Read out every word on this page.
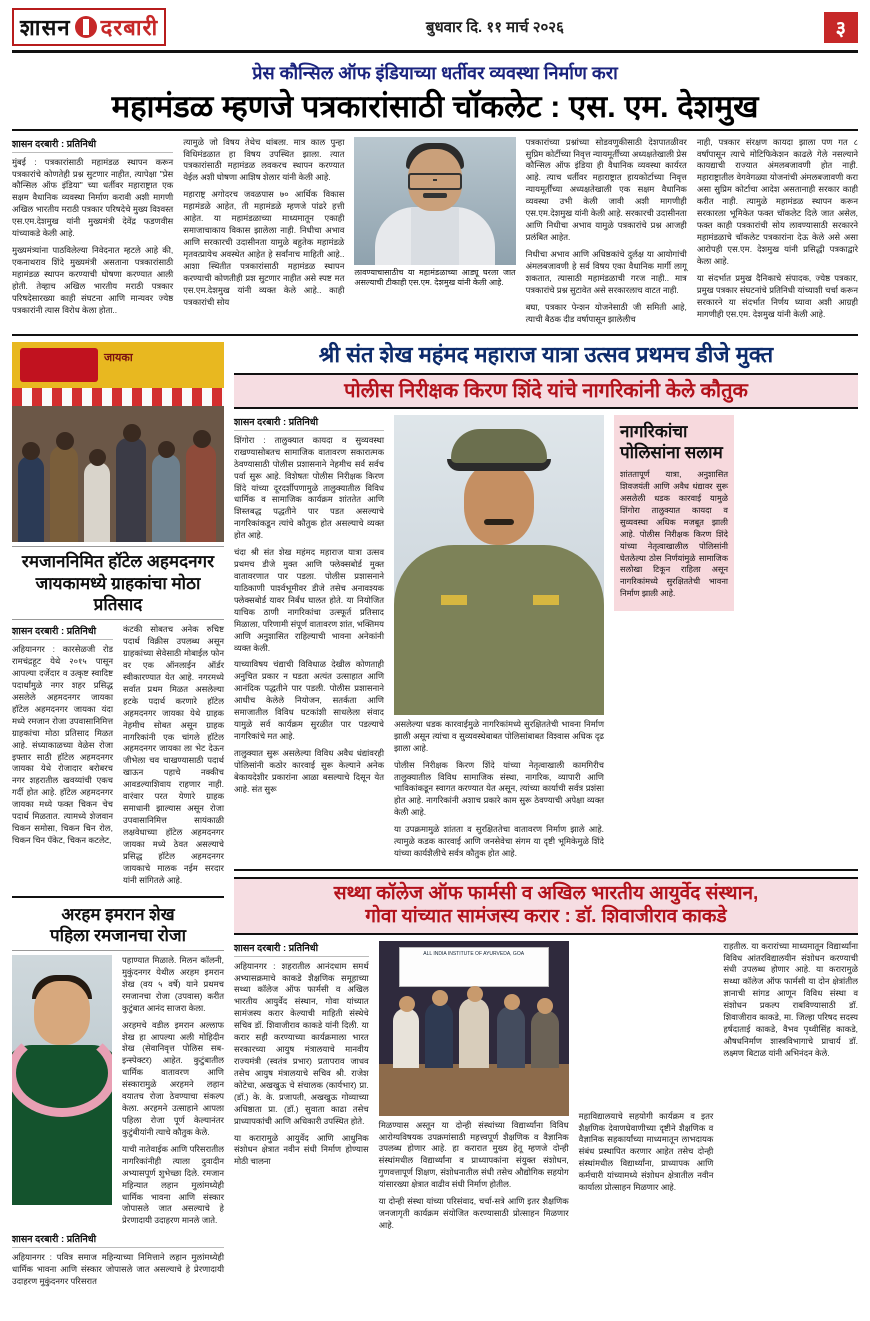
शासन दरबारी	बुधवार दि. ११ मार्च २०२६	३
प्रेस कौन्सिल ऑफ इंडियाच्या धर्तीवर व्यवस्था निर्माण करा
महामंडळ म्हणजे पत्रकारांसाठी चॉकलेट : एस. एम. देशमुख
शासन दरबारी : प्रतिनिधी

मुंबई : पत्रकारांसाठी महामंडळ स्थापन करून पत्रकारांचे कोणतेही प्रश्न सुटणार नाहीत, त्यापेक्षा "प्रेस कौन्सिल ऑफ इंडिया" च्या धर्तीवर महाराष्ट्रात एक सक्षम वैधानिक व्यवस्था निर्माण करावी अशी मागणी अखिल भारतीय मराठी पत्रकार परिषदेचे मुख्य विश्वस्त एस.एम.देशमुख यांनी मुख्यमंत्री देवेंद्र फडणवीस यांच्याकडे केली आहे.

मुख्यमंत्र्यांना पाठविलेल्या निवेदनात म्हटले आहे की, एकनाथराव शिंदे मुख्यमंत्री असताना पत्रकारांसाठी महामंडळ स्थापन करण्याची घोषणा करण्यात आली होती. तेव्हाच अखिल भारतीय मराठी पत्रकार परिषदेसारख्या काही संघटना आणि मान्यवर ज्येष्ठ पत्रकारांनी त्यास विरोध केला होता..

त्यामुळे जो विषय तेथेच थांबला. मात्र काल पुन्हा विधिमंडळात हा विषय उपस्थित झाला. त्यात पत्रकारांसाठी महामंडळ लवकरच स्थापन करण्यात येईल अशी घोषणा आशिष शेलार यांनी केली आहे.

महाराष्ट्र अगोदरच जवळपास ७० आर्थिक विकास महामंडळे आहेत, ती महामंडळे म्हणजे पांढरे हत्ती आहेत. या महामंडळाच्या माध्यमातून एकाही समाजाचाकाय विकास झालेला नाही. निधीचा अभाव आणि सरकारची उदासीनता यामुळे बहुतेक महामंडळे मृतवत्प्रायेच अवस्थेत आहेत हे सर्वांनाच माहिती आहे.. आशा स्थितीत पत्रकारांसाठी महामंडळ स्थापन करण्याची कोणतीही प्रश सुटणार नाहीत असे स्पष्ट मत एस.एम.देशमुख यांनी व्यक्त केले आहे.. काही पत्रकारांची सोय

लावण्याचासाठीच या महामंडळाच्या आड्यू घरला जात असल्याची टीकाही एस.एम. देशमुख यांनी केली आहे.

पत्रकारांच्या प्रश्नांच्या सोडवणुकीसाठी देशपातळीवर सुप्रिम कोर्टीच्या निवृत्त न्यायमूर्तींच्या अध्यक्षतेखाली प्रेस कौन्सिल ऑफ इंडिया ही वैधानिक व्यवस्था कार्यरत आहे. त्याच धर्तीवर महाराष्ट्रात हायकोर्टाच्या निवृत्त न्यायमूर्तींच्या अध्यक्षतेखाली एक सक्षम वैधानिक व्यवस्था उभी केली जावी अशी मागणीही एस.एम.देशमुख यांनी केली आहे. सरकारची उदासीनता आणि निधीचा अभाव यामुळे पत्रकारांचे प्रश्न आजही प्रलंबित आहेत.

निधीचा अभाव आणि अधिष्ठकांचे दुर्लक्ष या आयोगांची अंमलबजावणी हे सर्व विषय एका वैधानिक मार्गी लागू शकतात, त्यासाठी महामंडळाची गरज नाही.. मात्र पत्रकारांचे प्रश्न सुटावेत असे सरकारलाच वाटत नाही.

बघा, पत्रकार पेन्शन योजनेसाठी जी समिती आहे, त्याची बैठक दीड वर्षापासून झालेलीच

नाही, पत्रकार संरक्षण कायदा झाला पण गत ८ वर्षांपासून त्याचे मोटिफिकेशन काढले गेले नसल्याने कायद्याची राज्यात अंमलबजावणी होत नाही. महाराष्ट्रातील वेगवेगळ्या योजनांची अंमलबजावणी करा असा सुप्रिम कोर्टाचा आदेश असतानाही सरकार काही करीत नाही. त्यामुळे महामंडळ स्थापन करून सरकारला भूमिकेत फक्त चॉकलेट दिले जात असेल, फक्त काही पत्रकारांची सोय लावण्यासाठी सरकारने महामंडळाचे चॉकलेट पत्रकारांना देऊ केले असे असा आरोपही एस.एम. देशमुख यांनी प्रसिद्धी पत्रकाद्वारे केला आहे.

या संदर्भात प्रमुख दैनिकाचे संपादक, ज्येष्ठ पत्रकार, प्रमुख पत्रकार संघटनांचे प्रतिनिधी यांच्याशी चर्चा करून सरकारने या संदर्भात निर्णय घ्यावा अशी आग्रही मागणीही एस.एम. देशमुख यांनी केली आहे.

जायका
रमजाननिमित हॉटेल अहमदनगर
जायकामध्ये ग्राहकांचा मोठा प्रतिसाद
शासन दरबारी : प्रतिनिधी

अहियानगर : कारसेळजी रोड रामचंद्रहूट येथे २०१५ पासून आपल्या दर्जेदार व उत्कृष्ट स्वादिष्ट पदार्थांमुळे नगर शहर प्रसिद्ध असलेले अहमदनगर जायका हॉटेल अहमदनगर जायका यंदा मध्ये रमजान रोजा उपवासानिमित्त ग्राहकांचा मोठा प्रतिसाद मिळत आहे. संध्याकाळच्या वेळेस रोजा इफ्तार साठी हॉटेल अहमदनगर जायका येथे रोजादार बरोबरच नगर शहरातील खवय्यांची एकच गर्दी होत आहे. हॉटेल अहमदनगर जायका मध्ये फक्त चिकन चेच पदार्थ मिळतात. त्यामध्ये शेजवान चिकन समोसा, चिकन चिन रोल, चिकन चिन पॅकेट, चिकन कटलेट,

कंटकी सोबतच अनेक रुचिष्ट पदार्थ विक्रीस उपलब्ध असून ग्राहकांच्या सेवेसाठी मोबाईल फोन वर एक ऑनलाईन ऑर्डर स्वीकारण्यात येत आहे. नगरमध्ये सर्वात प्रथम मिळत असलेल्या हटके पदार्थ करणारे हॉटेल अहमदनगर जायका येथे ग्राहक नेहमीच सोबत असून ग्राहक नागरिकांनी एक चांगले हॉटेल अहमदनगर जायका ला भेट देऊन जीभेला चव चाखण्यासाठी पदार्थ खाऊन पहाचे नक्कीच आवडल्याशिवाय राहणार नाही. वारंवार परत येणारे ग्राहक समाधानी झाल्यास असून रोजा उपवासानिमित्त सायंकाळी लक्षवेधाच्या हॉटेल अहमदनगर जायका मध्ये ठेवत असल्याचे प्रसिद्ध हॉटेल अहमदनगर जायकाचे मालक नईम सरदार यांनी सांगितले आहे.

अरहम इमरान शेख
पहिला रमजानचा रोजा

पहाण्यात मिळाले. मिलन कॉलनी, मुकुंदनगर येथील अरहम इमरान शेख (वय ५ वर्षे) याने प्रथमच रमजानचा रोजा (उपवास) करीत कुटुंबात आनंद साजरा केला.

अरहमचे वडील इमरान अल्लाफ शेख हा आपल्या अली मोहिदीन शेख (सेवानिवृत्त पोलिस सब-इन्स्पेक्टर) आहेत. कुटुंबातील धार्मिक वातावरण आणि संस्कारामुळे अरहमने लहान वयातच रोजा ठेवण्याचा संकल्प केला. अरहमने उत्साहाने आपला पहिला रोजा पूर्ण केल्यानंतर कुटुंबीयांनी त्याचे कौतुक केले.

याची नातेवाईक आणि परिसरातील नागरिकांनीही त्याला दुवादीन अभ्यासपूर्ण शुभेच्छा दिले. रमजान महिन्यात लहान मुलांमध्येही धार्मिक भावना आणि संस्कार जोपासले जात असल्याचे हे प्रेरणादायी उदाहरण मानले जाते.

शासन दरबारी : प्रतिनिधी

अहियानगर : पवित्र समाज महिन्याच्या निमित्ताने लहान मुलांमध्येही धार्मिक भावना आणि संस्कार जोपासले जात असल्याचे हे प्रेरणादायी उदाहरण मुकुंदनगर परिसरात

श्री संत शेख महंमद महाराज यात्रा उत्सव प्रथमच डीजे मुक्त
पोलीस निरीक्षक किरण शिंदे यांचे नागरिकांनी केले कौतुक
शासन दरबारी : प्रतिनिधी

शिंगोरा : तालुक्यात कायदा व सुव्यवस्था राखण्यासोबतच सामाजिक वातावरण सकारात्मक ठेवण्यासाठी पोलीस प्रशासनाने नेहमीच सर्व सर्वच पर्वा सुरू आहे. विशेषतः पोलीस निरीक्षक किरण शिंदे यांच्या दूरदर्शीपणामुळे तालुक्यातील विविध धार्मिक व सामाजिक कार्यक्रम शांततेत आणि शिस्तबद्ध पद्धतीने पार पडत असल्याचे नागरिकांकडून त्यांचे कौतुक होत असल्याचे व्यक्त होत आहे.

चंदा श्री संत शेख महंमद महाराज यात्रा उत्सव प्रथमच डीजे मुक्त आणि फ्लेक्सबोर्ड मुक्त वातावरणात पार पडला. पोलीस प्रशासनाने याठिकाणी पार्श्वभूमीवर डीजे तसेच अनावश्यक फ्लेक्सबोर्ड यावर निर्बंध घालत होते. या नियोजित याचिक ठाणी नागरिकांचा उत्स्फूर्त प्रतिसाद मिळाला, परिणामी संपूर्ण वातावरण शांत, भक्तिमय आणि अनुशासित राहिल्याची भावना अनेकांनी व्यक्त केली.

याच्याविषय चंद्याची विविधाळ देखील कोणताही अनुचित प्रकार न घडता अत्यंत उत्साहात आणि आनंदिक पद्धतीने पार पडली. पोलीस प्रशासनाने आधीच केलेले नियोजन, सतर्कता आणि समाजातील विविध घटकांशी साधलेला संवाद यामुळे सर्व कार्यक्रम सुरळीत पार पडल्याचे नागरिकांचे मत आहे.

तालुक्यात सुरू असलेल्या विविध अवैध धंद्यांवरही पोलिसांनी कठोर कारवाई सुरू केल्याने अनेक बेकायदेशीर प्रकारांना आळा बसल्याचे दिसून येत आहे. संत सुरू

असलेल्या धडक कारवाईमुळे नागरिकांमध्ये सुरक्षिततेची भावना निर्माण झाली असून त्यांचा व सुव्यवस्थेबाबत पोलिसांबाबत विश्वास अधिक दृढ झाला आहे.

पोलीस निरीक्षक किरण शिंदे यांच्या नेतृत्वाखाली कामगिरीच तालुक्यातील विविध सामाजिक संस्था, नागरिक, व्यापारी आणि भाविकांकडून स्वागत करण्यात येत असून, त्यांच्या कार्याची सर्वत्र प्रशंसा होत आहे. नागरिकांनी अशाच प्रकारे काम सुरू ठेवण्याची अपेक्षा व्यक्त केली आहे.

या उपक्रमामुळे शांतता व सुरक्षिततेचा वातावरण निर्माण झाले आहे. त्यामुळे कडक कारवाई आणि जनसेवेचा संगम या दृष्टी भूमिकेमुळे शिंदे यांच्या कार्यशैलीचे सर्वत्र कौतुक होत आहे.

नागरिकांचा पोलिसांना सलाम

शांततापूर्ण यात्रा, अनुशासित शिवजयंती आणि अवैध धंद्यावर सुरू असलेली धडक कारवाई यामुळे शिंगोरा तालुक्यात कायदा व सुव्यवस्था अधिक मजबूत झाली आहे. पोलीस निरीक्षक किरण शिंदे यांच्या नेतृत्वाखालील पोलिसांनी घेतलेल्या ठोस निर्णयांमुळे सामाजिक सलोखा टिकून राहिला असून नागरिकांमध्ये सुरक्षिततेची भावना निर्माण झाली आहे.

सथ्था कॉलेज ऑफ फार्मसी व अखिल भारतीय आयुर्वेद संस्थान,
गोवा यांच्यात सामंजस्य करार : डॉ. शिवाजीराव काकडे
शासन दरबारी : प्रतिनिधी

अहियानगर : शहरातील आनंदधाम समर्थ अभ्यासक्रमाचे काकडे शैक्षणिक समूहाच्या सथ्था कॉलेज ऑफ फार्मसी व अखिल भारतीय आयुर्वेद संस्थान, गोवा यांच्यात सामंजस्य करार केल्याची माहिती संस्थेचे सचिव डॉ. शिवाजीराव काकडे यांनी दिली. या करार सही करण्याच्या कार्यक्रमाला भारत सरकारच्या आयुष मंत्रालयाचे मानवीय राज्यमंत्री (स्वतंत्र प्रभार) प्रतापराव जाधव तसेच आयुष मंत्रालयाचे सचिव श्री. राजेश कोटेचा, अखखुऊ चे संचालक (कार्यभार) प्रा. (डॉ.) के. के. प्रजापती, अखखुऊ गोव्याच्या अधिष्ठाता प्रा. (डॉ.) सुवाता काढा तसेच प्राध्यापकांची आणि अधिकारी उपस्थित होते.

या करारामुळे आयुर्वेद आणि आधुनिक संशोधन क्षेत्रात नवीन संधी निर्माण होण्यास मोठी चालना

ALL INDIA INSTITUTE OF AYURVEDA, GOA

मिळण्यास अस्तून या दोन्ही संस्थांच्या विद्यार्थ्यांना विविध आरोग्यविषयक उपक्रमांसाठी महत्त्वपूर्ण शैक्षणिक व वैज्ञानिक उपलब्ध होणार आहे. हा करारात मुख्य हेतू म्हणजे दोन्ही संस्थांमधील विद्यार्थ्यांना व प्राध्यापकांना संयुक्त संशोधन, गुणवत्तापूर्ण शिक्षण, संशोधनातील संधी तसेच औद्योगिक सहयोग यांसारख्या क्षेत्रात वाढीव संधी निर्माण होतील.

या दोन्ही संस्था यांच्या परिसंवाद, चर्चा-सत्रे आणि इतर शैक्षणिक जनजागृती कार्यक्रम संयोजित करण्यासाठी प्रोत्साहन मिळणार आहे.

महाविद्यालयाचे सहयोगी कार्यक्रम व इतर शैक्षणिक देवाणघेवाणीच्या दृष्टीने शैक्षणिक व वैज्ञानिक सहकार्यांच्या माध्यमातून लाभदायक संबंध प्रस्थापित करणार आहेत तसेच दोन्ही संस्थांमधील विद्यार्थ्यांना, प्राध्यापक आणि कर्मचारी यांच्यामध्ये संशोधन क्षेत्रातील नवीन कार्याला प्रोत्साहन मिळणार आहे.

राहतील. या करारांच्या माध्यमातून विद्यार्थ्यांना विविध आंतरविद्यालयीन संशोधन करण्याची संधी उपलब्ध होणार आहे. या करारामुळे सथ्था कॉलेज ऑफ फार्मसी या दोन क्षेत्रांतील ज्ञानाची सांगड आणून विविध संस्था व संशोधन प्रकल्प राबविण्यासाठी डॉ. शिवाजीराव काकडे, मा. जिल्हा परिषद सदस्य हर्षदाताई काकडे, वैभव पृथ्वीसिंह काकडे, औषधनिर्माण शास्त्रविभागाचे प्राचार्य डॉ. लक्ष्मण बिटाळ यांनी अभिनंदन केले.
